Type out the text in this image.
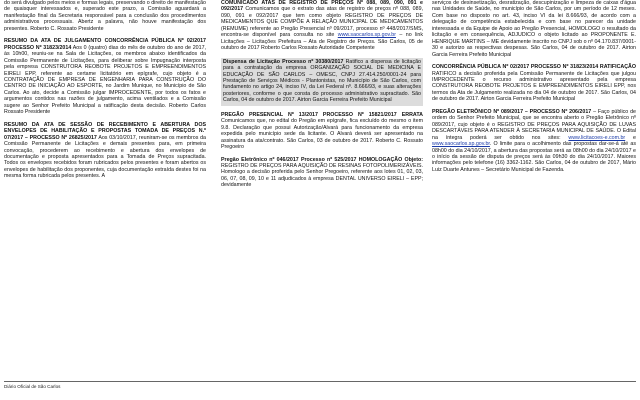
do será divulgado pelos meios e formas legais, preservando o direito de manifestação de quaisquer interessados e, superado este prazo, a Comissão aguardará a manifestação final da Secretaria responsável para a conclusão dos procedimentos administrativos processuais. Abertz a palavra, não houve manifestação dos presentes. Roberto C. Rossato Presidente

RESUMO DA ATA DE JULGAMENTO CONCORRÊNCIA PÚBLICA Nº 02/2017 PROCESSO Nº 31823/2014 Aos 0 (quatro) dias do mês de outubro do ano de 2017, às 10h00, reuniu-se na Sala de Licitações, os membros abaixo identificados da Comissão Permanente de Licitações, para deliberar sobre Impugnação interposta pela empresa CONSTRUTORA REOBOTE PROJETOS E EMPREENDIMENTOS EIRELI EPP, referente ao certame licitatório em epígrafe, cujo objeto é a CONTRATAÇÃO DE EMPRESA DE ENGENHARIA PARA CONSTRUÇÃO DO CENTRO DE INICIAÇÃO AO ESPORTE, no Jardim Munique, no Município de São Carlos. Ao ato, decide a Comissão julgar IMPROCEDENTE, por todos os fatos e argumentos contidos nas razões de julgamento, acima ventilados e a Comissão sugere ao Senhor Prefeito Municipal a ratificação desta decisão. Roberto Carlos Rossato Presidente

RESUMO DA ATA DE SESSÃO DE RECEBIMENTO E ABERTURA DOS ENVELOPES DE HABILITAÇÃO E PROPOSTAS TOMADA DE PREÇOS N.º 07/2017 – PROCESSO Nº 26825/2017 Aos 03/10/2017, reuniram-se os membros da Comissão Permanente de Licitações e demais presentes para, em primeira convocação, procederem ao recebimento e abertura dos envelopes de documentação e proposta apresentados para a Tomada de Preços supracitada. Todos os envelopes recebidos foram rubricados pelos presentes e foram abertos os envelopes de habilitação dos proponentes, cuja documentação extraída destes foi na mesma forma rubricada pelos presentes. A

COMUNICADO ATAS DE REGISTRO DE PREÇOS Nº 088, 089, 090, 091 e 092/2017 Comunicamos que o extrato das atas de registro de preços nº 088, 089, 090, 091 e 092/2017 que tem como objeto REGISTRO DE PREÇOS DE MEDICAMENTOS QUE COMPÕE A RELAÇÃO MUNICIPAL DE MEDICAMENTOS (REMUME) referente ao Pregão Presencial nº 09/2017, processo nº 448/2017/SMS, encontra-se disponível para consulta no site www.saocarlos.sp.gov.br – no link Licitações – Licitações Prefeitura – Ata de Registro de Preços. São Carlos, 05 de outubro de 2017 Roberto Carlos Rossato Autoridade Competente

Dispensa de Licitação Processo nº 30380/2017 Ratifico a dispensa de licitação para a contratação da empresa ORGANIZAÇÃO SOCIAL DE MEDICINA E EDUCAÇÃO DE SÃO CARLOS – OMESC, CNPJ 27.414.250/0001-24 para Prestação de Serviços Médicos - Plantonistas, no Município de São Carlos, com fundamento no artigo 24, inciso IV, da Lei Federal nº. 8.666/93, e suas alterações posteriores, conforme o que consta do processo administrativo supracitado. São Carlos, 04 de outubro de 2017. Airton Garcia Ferreira Prefeito Municipal

PREGÃO PRESENCIAL Nº 13/2017 PROCESSO Nº 15821/2017 ERRATA Comunicamos que, no edital do Pregão em epígrafe, fica excluído do mesmo o item 9.8. Declaração que possui Autorização/Alvará para funcionamento da empresa expedida pelo município sede da licitante. O Alvará deverá ser apresentado na assinatura da ata/contrato. São Carlos, 03 de outubro de 2017. Roberto C. Rossato Pregoeiro

Pregão Eletrônico nº 046/2017 Processo nº 525/2017 HOMOLOGAÇÃO Objeto: REGISTRO DE PREÇOS PARA AQUISIÇÃO DE RESINAS FOTOPOLIMERIZÁVEIS. Homologo a decisão proferida pelo Senhor Pregoeiro, referente aos lotes 01, 02, 03, 06, 07, 08, 09, 10 e 11 adjudicados à empresa DENTAL UNIVERSO EIRELI – EPP; devidamente

serviços de desinsetização, desratização, descupinização e limpeza de caixas d'água nas Unidades de Saúde, no município de São Carlos, por um período de 12 meses. Com base no disposto no art. 43, inciso VI da lei 8.666/93, de acordo com a delegação de competência estabelecida e com base no parecer da unidade interessada e da Equipe de Apoio ao Pregão Presencial, HOMOLOGO o resultado da licitação e em consequência, ADJUDICO o objeto licitado ao PROPONENTE E. HENRIQUE MARTINS – ME devidamente inscrito no CNPJ sob o nº 04.170.837/0001-30 e autorizo as respectivas despesas. São Carlos, 04 de outubro de 2017. Airton Garcia Ferreira Prefeito Municipal

CONCORRÊNCIA PÚBLICA Nº 02/2017 PROCESSO Nº 31823/2014 RATIFICAÇÃO RATIFICO a decisão proferida pela Comissão Permanente de Licitações que julgou IMPROCEDENTE o recurso administrativo apresentado pela empresa CONSTRUTORA REOBOTE PROJETOS E EMPREENDIMENTOS EIRELI EPP, nos termos da Ata de Julgamento realizada no dia 04 de outubro de 2017. São Carlos, 04 de outubro de 2017. Airton Garcia Ferreira Prefeito Municipal

PREGÃO ELETRÔNICO Nº 089/2017 – PROCESSO Nº 206/2017 – Faço público de ordem do Senhor Prefeito Municipal, que se encontra aberto o Pregão Eletrônico nº 089/2017, cujo objeto é o REGISTRO DE PREÇOS PARA AQUISIÇÃO DE LUVAS DESCARTÁVEIS PARA ATENDER À SECRETARIA MUNICIPAL DE SAÚDE. O Edital na íntegra poderá ser obtido nos sites: www.licitacoes-e.com.br e www.saocarlos.sp.gov.br. O limite para o acolhimento das propostas dar-se-á até as 08h00 do dia 24/10/2017, a abertura das propostas será as 08h00 do dia 24/10/2017 e o início da sessão de disputa de preços será às 09h30 do dia 24/10/2017. Maiores informações pelo telefone (16) 3362-1162. São Carlos, 04 de outubro de 2017, Mário Luiz Duarte Antunes – Secretário Municipal de Fazenda.

Diário Oficial de São Carlos
